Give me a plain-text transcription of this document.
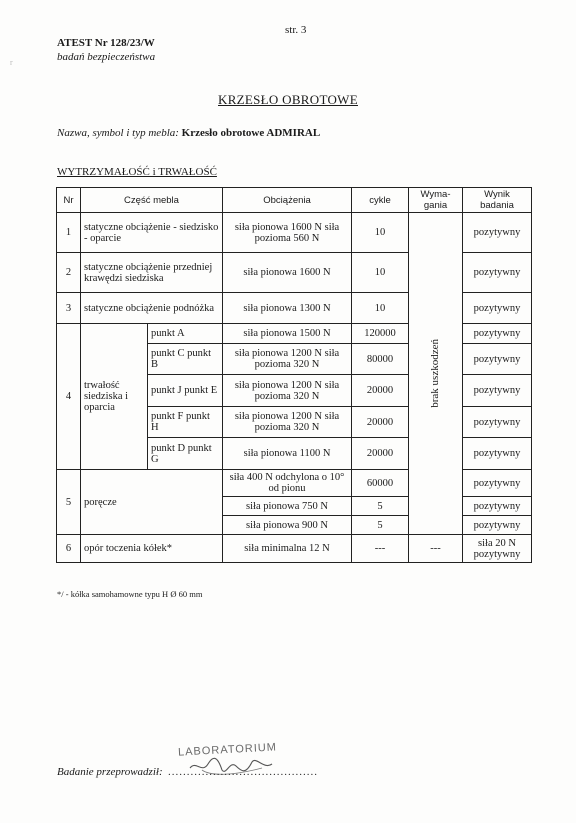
r
str. 3
ATEST Nr 128/23/W
badań bezpieczeństwa
KRZESŁO OBROTOWE
Nazwa, symbol i typ mebla: Krzesło obrotowe ADMIRAL
WYTRZYMAŁOŚĆ i TRWAŁOŚĆ
Nr	Część mebla		Obciążenia	cykle	Wyma-gania	Wynik badania
1	statyczne obciążenie - siedzisko - oparcie		siła pionowa 1600 N siła pozioma 560 N	10	brak uszkodzeń	pozytywny
2	statyczne obciążenie przedniej krawędzi siedziska		siła pionowa 1600 N	10		pozytywny
3	statyczne obciążenie podnóżka		siła pionowa 1300 N	10		pozytywny
4	trwałość siedziska i oparcia	punkt A	siła pionowa 1500 N	120000		pozytywny
		punkt C punkt B	siła pionowa 1200 N siła pozioma 320 N	80000		pozytywny
		punkt J punkt E	siła pionowa 1200 N siła pozioma 320 N	20000		pozytywny
		punkt F punkt H	siła pionowa 1200 N siła pozioma 320 N	20000		pozytywny
		punkt D punkt G	siła pionowa 1100 N	20000		pozytywny
5	poręcze		siła 400 N odchylona o 10° od pionu	60000		pozytywny
			siła pionowa 750 N	5		pozytywny
			siła pionowa 900 N	5		pozytywny
6	opór toczenia kółek*		siła minimalna 12 N	---	---	siła 20 N pozytywny
*/ - kółka samohamowne typu H Ø 60 mm
LABORATORIUM
Badanie przeprowadził: ........................................
